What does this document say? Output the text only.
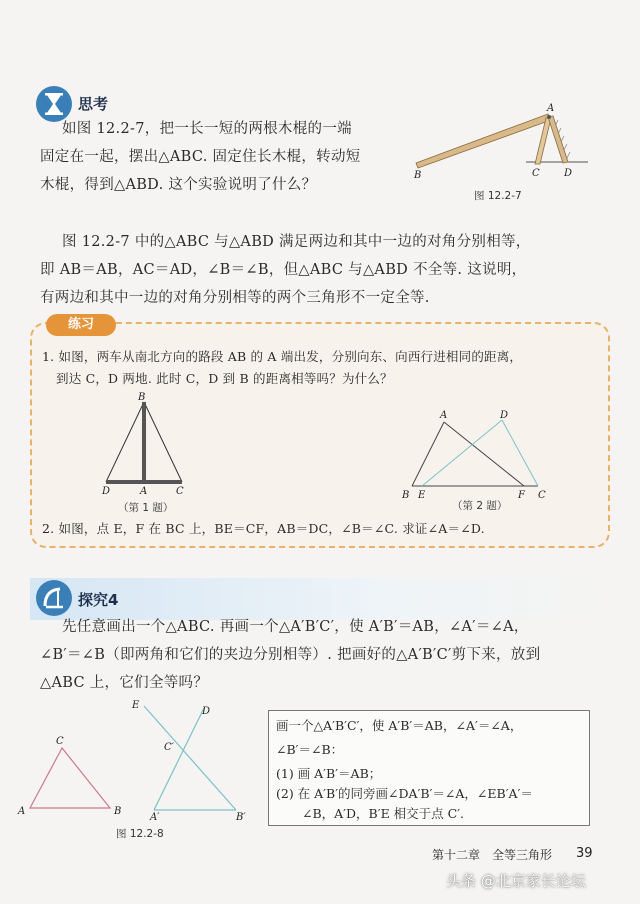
思考
如图 12.2-7，把一长一短的两根木棍的一端
固定在一起，摆出△ABC. 固定住长木棍，转动短
木棍，得到△ABD. 这个实验说明了什么？
A
B	C D
图 12.2-7
图 12.2-7 中的△ABC 与△ABD 满足两边和其中一边的对角分别相等，
即 AB＝AB，AC＝AD，∠B＝∠B，但△ABC 与△ABD 不全等. 这说明，
有两边和其中一边的对角分别相等的两个三角形不一定全等.
练习
1. 如图，两车从南北方向的路段 AB 的 A 端出发，分别向东、向西行进相同的距离，
到达 C，D 两地. 此时 C，D 到 B 的距离相等吗？为什么？
B
D	A	C
（第 1 题）
A	D
B E	F C
（第 2 题）
2. 如图，点 E，F 在 BC 上，BE＝CF，AB＝DC，∠B＝∠C. 求证∠A＝∠D.
探究4
先任意画出一个△ABC. 再画一个△A′B′C′，使 A′B′＝AB，∠A′＝∠A，
∠B′＝∠B（即两角和它们的夹边分别相等）. 把画好的△A′B′C′剪下来，放到
△ABC 上，它们全等吗？
C
A	B
E
D
C′
A′	B′
图 12.2-8
画一个△A′B′C′，使 A′B′＝AB，∠A′＝∠A，
∠B′＝∠B：
(1) 画 A′B′＝AB；
(2) 在 A′B′的同旁画∠DA′B′＝∠A，∠EB′A′＝
∠B，A′D，B′E 相交于点 C′.
第十二章　全等三角形 39
头条 @北京家长论坛
